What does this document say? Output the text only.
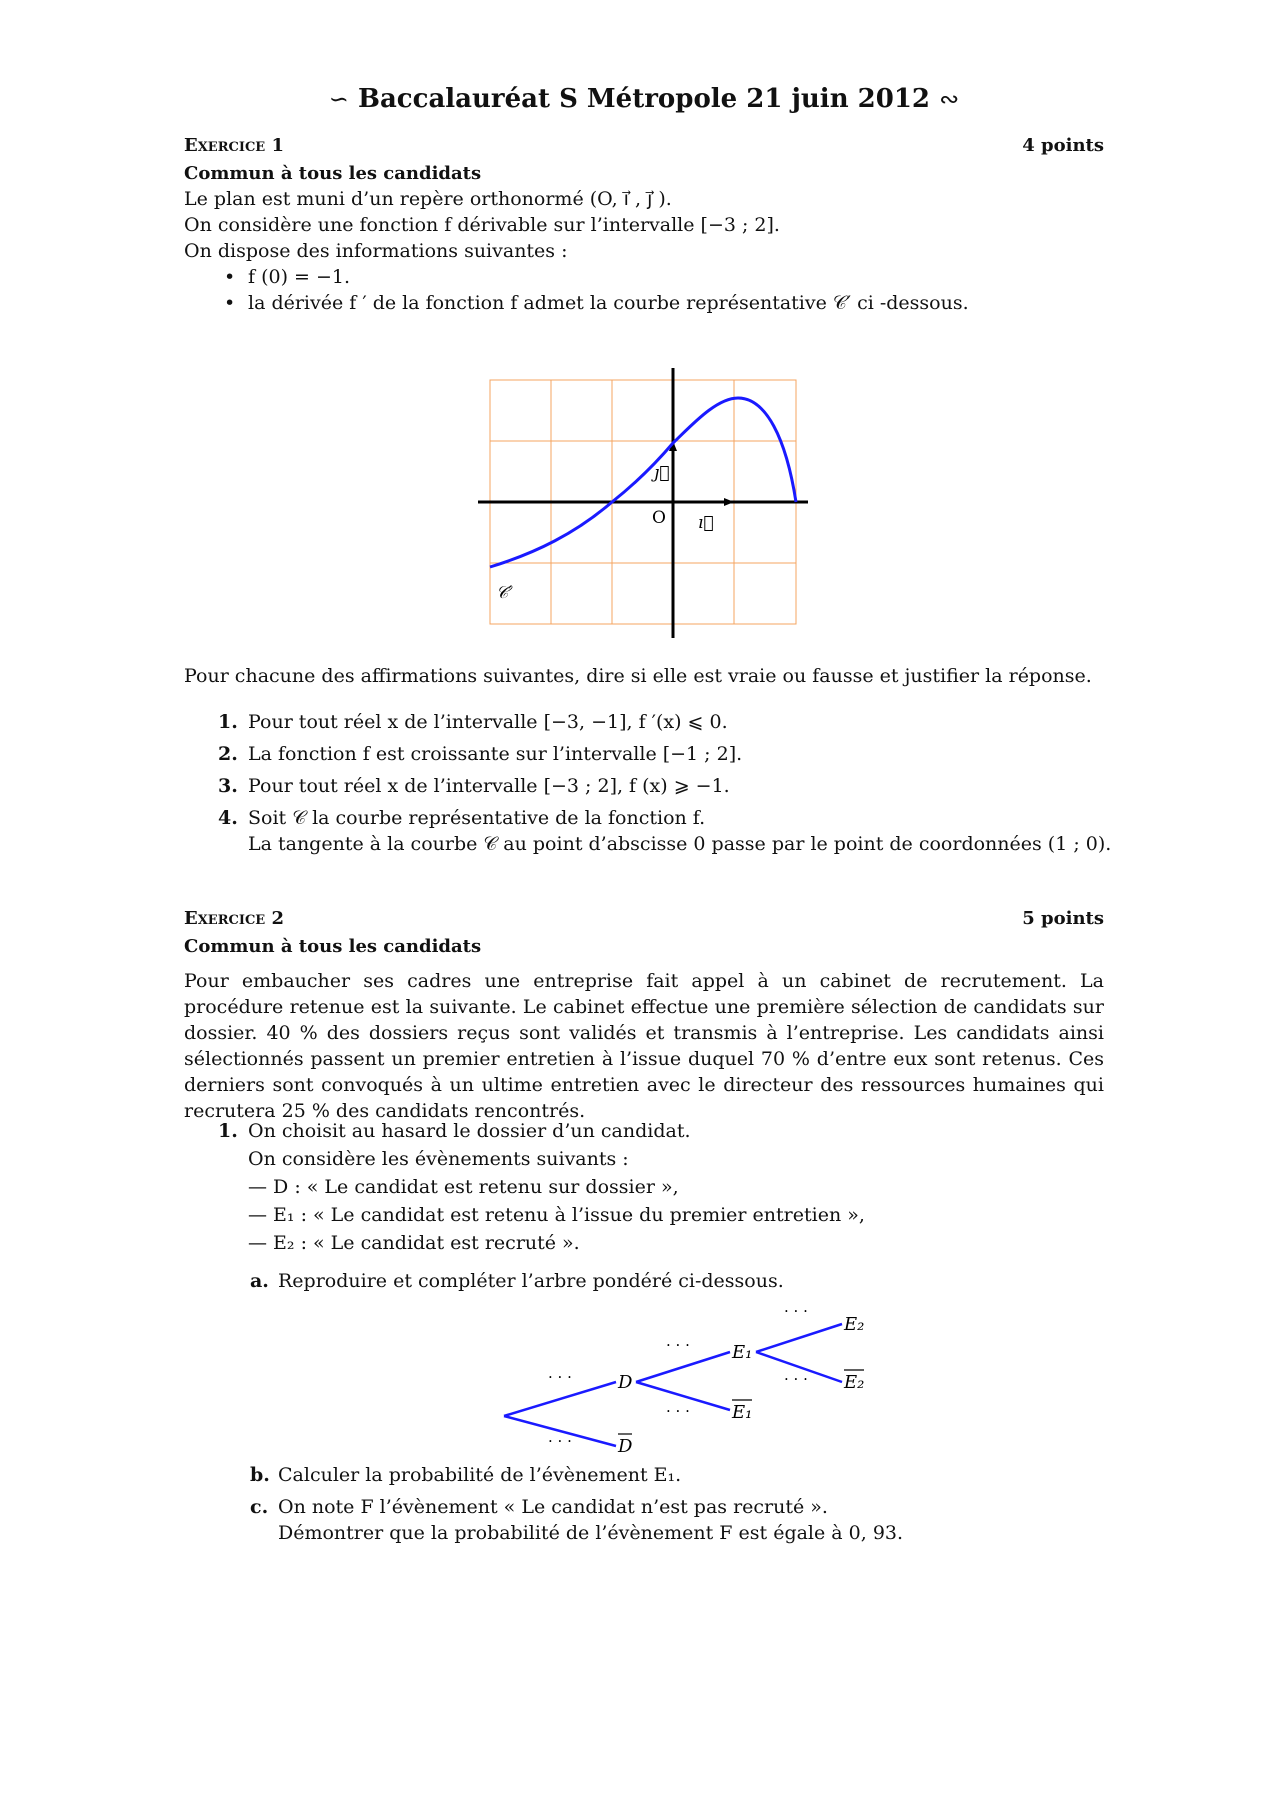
∽ Baccalauréat S Métropole 21 juin 2012 ∾
Exercice 1	4 points
Commun à tous les candidats
Le plan est muni d’un repère orthonormé (O, i⃗ , j⃗ ).
On considère une fonction f dérivable sur l’intervalle [−3 ; 2].
On dispose des informations suivantes :
• f (0) = −1.
• la dérivée f ′ de la fonction f admet la courbe représentative 𝒞′ ci -dessous.
O ı⃗
ȷ⃗
𝒞′
Pour chacune des affirmations suivantes, dire si elle est vraie ou fausse et justifier la réponse.
1. Pour tout réel x de l’intervalle [−3, −1], f ′(x) ⩽ 0.
2. La fonction f est croissante sur l’intervalle [−1 ; 2].
3. Pour tout réel x de l’intervalle [−3 ; 2], f (x) ⩾ −1.
4. Soit 𝒞 la courbe représentative de la fonction f.
La tangente à la courbe 𝒞 au point d’abscisse 0 passe par le point de coordonnées (1 ; 0).
Exercice 2	5 points
Commun à tous les candidats
Pour embaucher ses cadres une entreprise fait appel à un cabinet de recrutement. La procédure retenue est la suivante. Le cabinet effectue une première sélection de candidats sur dossier. 40 % des dossiers reçus sont validés et transmis à l’entreprise. Les candidats ainsi sélectionnés passent un premier entretien à l’issue duquel 70 % d’entre eux sont retenus. Ces derniers sont convoqués à un ultime entretien avec le directeur des ressources humaines qui recrutera 25 % des candidats rencontrés.
1. On choisit au hasard le dossier d’un candidat.
On considère les évènements suivants :
— D : « Le candidat est retenu sur dossier »,
— E₁ : « Le candidat est retenu à l’issue du premier entretien »,
— E₂ : « Le candidat est recruté ».
a. Reproduire et compléter l’arbre pondéré ci-dessous.
· · ·
· · ·
· · ·
· · ·
· · ·
· · ·
D
D
E₁
E₁
E₂
E₂
b. Calculer la probabilité de l’évènement E₁.
c. On note F l’évènement « Le candidat n’est pas recruté ».
Démontrer que la probabilité de l’évènement F est égale à 0, 93.
